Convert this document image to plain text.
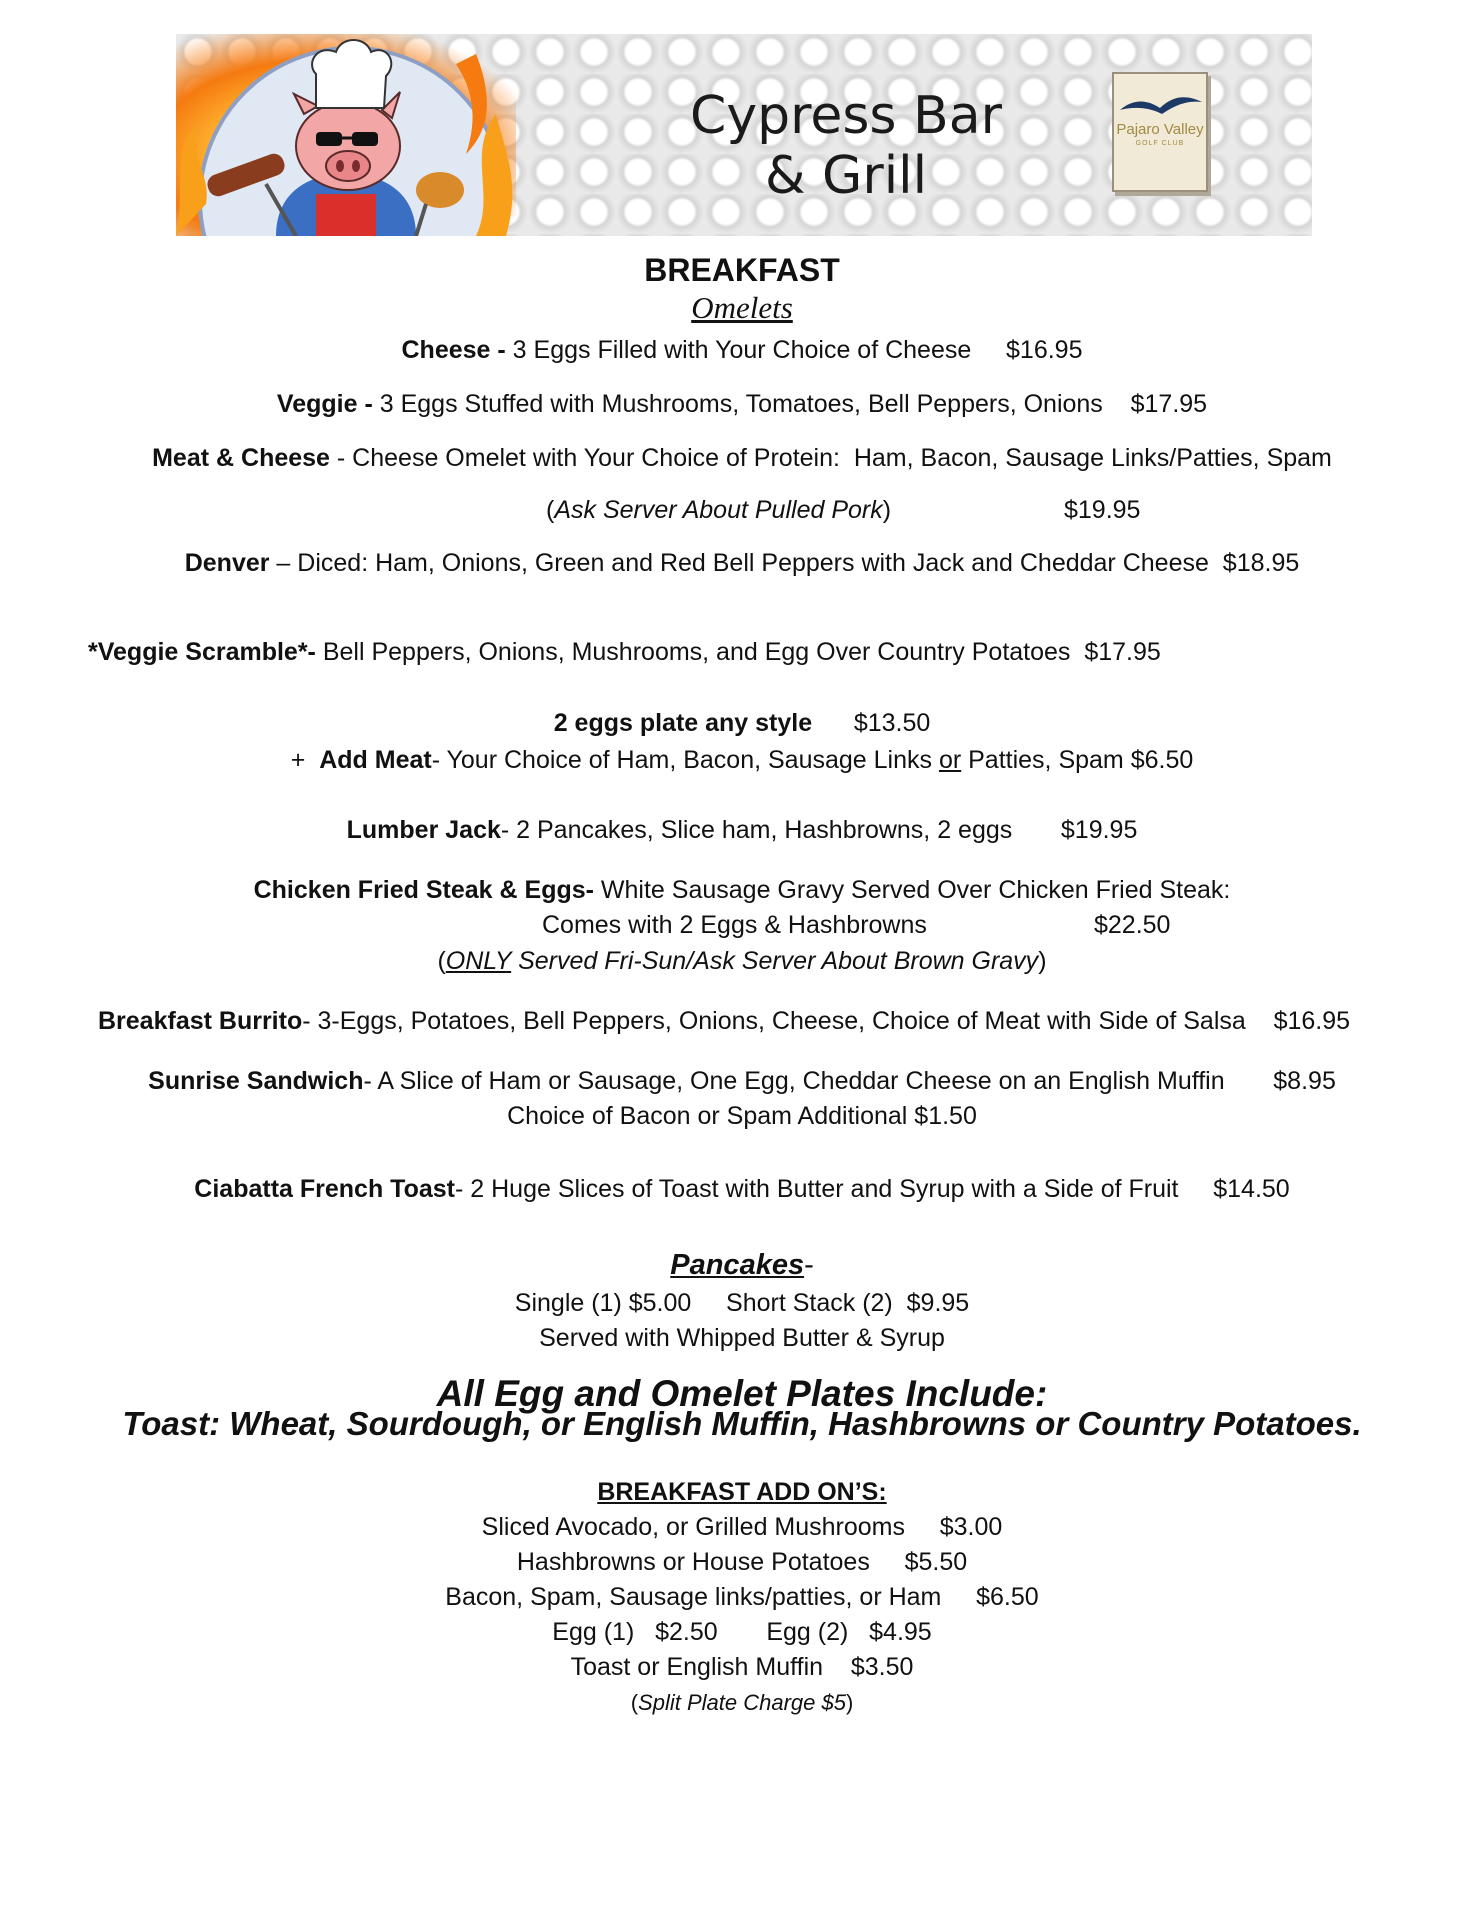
Cypress Bar
& Grill
Pajaro Valley
GOLF CLUB
BREAKFAST
Omelets
Cheese - 3 Eggs Filled with Your Choice of Cheese $16.95
Veggie - 3 Eggs Stuffed with Mushrooms, Tomatoes, Bell Peppers, Onions $17.95
Meat & Cheese - Cheese Omelet with Your Choice of Protein:  Ham, Bacon, Sausage Links/Patties, Spam
(Ask Server About Pulled Pork)	$19.95
Denver – Diced: Ham, Onions, Green and Red Bell Peppers with Jack and Cheddar Cheese $18.95
*Veggie Scramble*- Bell Peppers, Onions, Mushrooms, and Egg Over Country Potatoes $17.95
2 eggs plate any style $13.50
+  Add Meat- Your Choice of Ham, Bacon, Sausage Links or Patties, Spam $6.50
Lumber Jack- 2 Pancakes, Slice ham, Hashbrowns, 2 eggs $19.95
Chicken Fried Steak & Eggs- White Sausage Gravy Served Over Chicken Fried Steak:
Comes with 2 Eggs & Hashbrowns	$22.50
(ONLY Served Fri-Sun/Ask Server About Brown Gravy)
Breakfast Burrito- 3-Eggs, Potatoes, Bell Peppers, Onions, Cheese, Choice of Meat with Side of Salsa $16.95
Sunrise Sandwich- A Slice of Ham or Sausage, One Egg, Cheddar Cheese on an English Muffin $8.95
Choice of Bacon or Spam Additional $1.50
Ciabatta French Toast- 2 Huge Slices of Toast with Butter and Syrup with a Side of Fruit $14.50
Pancakes-
Single (1) $5.00 Short Stack (2)  $9.95
Served with Whipped Butter & Syrup
All Egg and Omelet Plates Include:
Toast: Wheat, Sourdough, or English Muffin, Hashbrowns or Country Potatoes.
BREAKFAST ADD ON’S:
Sliced Avocado, or Grilled Mushrooms $3.00
Hashbrowns or House Potatoes $5.50
Bacon, Spam, Sausage links/patties, or Ham $6.50
Egg (1) $2.50 Egg (2) $4.95
Toast or English Muffin $3.50
(Split Plate Charge $5)
